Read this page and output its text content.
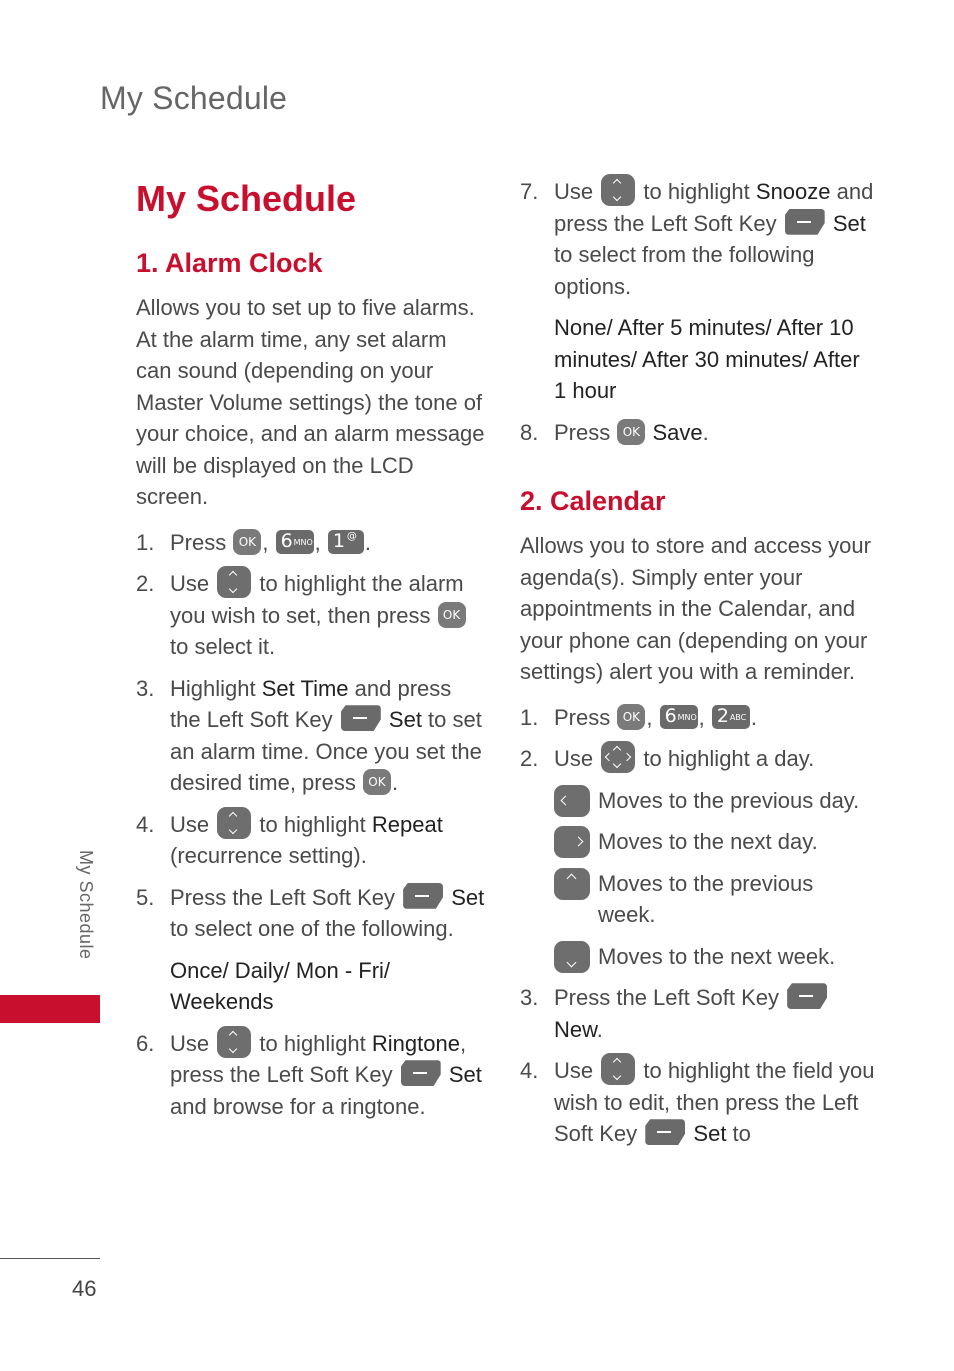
My Schedule
My Schedule
1. Alarm Clock
Allows you to set up to five alarms. At the alarm time, any set alarm can sound (depending on your Master Volume settings) the tone of your choice, and an alarm message will be displayed on the LCD screen.
1. Press OK , 6 MNO , 1 @ .
2. Use  to highlight the alarm you wish to set, then press OK to select it.
3. Highlight Set Time and press the Left Soft Key  Set to set an alarm time. Once you set the desired time, press OK .
4. Use  to highlight Repeat (recurrence setting).
5. Press the Left Soft Key  Set to select one of the following.
Once/ Daily/ Mon - Fri/ Weekends
6. Use  to highlight Ringtone, press the Left Soft Key  Set and browse for a ringtone.
7. Use  to highlight Snooze and press the Left Soft Key  Set to select from the following options.
None/ After 5 minutes/ After 10 minutes/ After 30 minutes/ After 1 hour
8. Press OK Save.
2. Calendar
Allows you to store and access your agenda(s). Simply enter your appointments in the Calendar, and your phone can (depending on your settings) alert you with a reminder.
1. Press OK , 6 MNO , 2 ABC .
2. Use
to highlight a day.
Moves to the previous day.
Moves to the next day.
Moves to the previous week.
Moves to the next week.
3. Press the Left Soft Key  New.
4. Use  to highlight the field you wish to edit, then press the Left Soft Key  Set to
My Schedule
46
